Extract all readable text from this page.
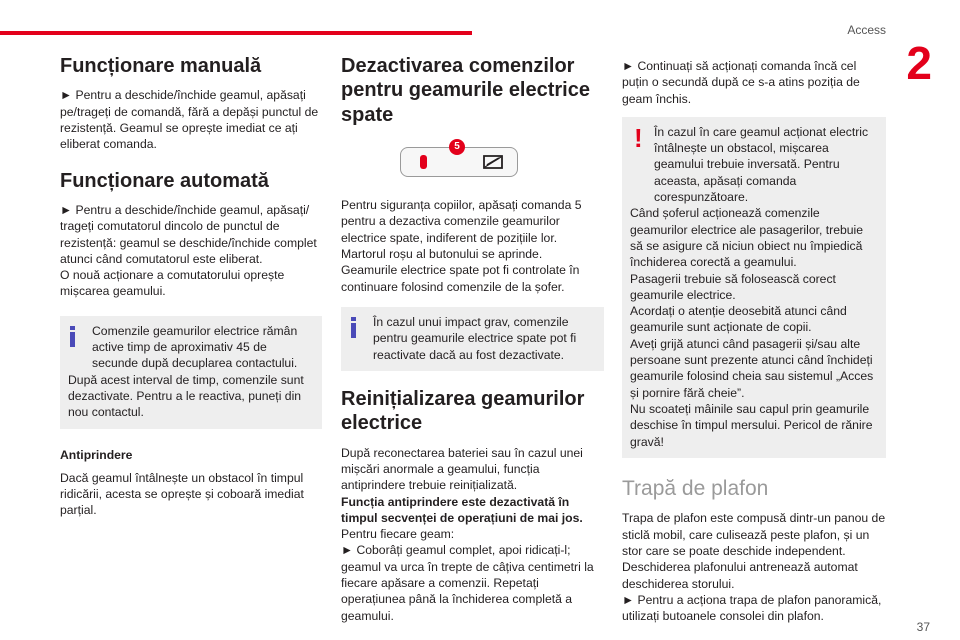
Access
2
Funcționare manuală

► Pentru a deschide/închide geamul, apăsați pe/trageți de comandă, fără a depăși punctul de rezistență. Geamul se oprește imediat ce ați eliberat comanda.

Funcționare automată

► Pentru a deschide/închide geamul, apăsați/ trageți comutatorul dincolo de punctul de rezistență: geamul se deschide/închide complet atunci când comutatorul este eliberat.

O nouă acționare a comutatorului oprește mișcarea geamului.

Comenzile geamurilor electrice rămân active timp de aproximativ 45 de secunde după decuplarea contactului.

După acest interval de timp, comenzile sunt dezactivate. Pentru a le reactiva, puneți din nou contactul.

Antiprindere

Dacă geamul întâlnește un obstacol în timpul ridicării, acesta se oprește și coboară imediat parțial.

Dezactivarea comenzilor pentru geamurile electrice spate
5

Pentru siguranța copiilor, apăsați comanda 5 pentru a dezactiva comenzile geamurilor electrice spate, indiferent de pozițiile lor.

Martorul roșu al butonului se aprinde.

Geamurile electrice spate pot fi controlate în continuare folosind comenzile de la șofer.

În cazul unui impact grav, comenzile pentru geamurile electrice spate pot fi reactivate dacă au fost dezactivate.

Reinițializarea geamurilor electrice

După reconectarea bateriei sau în cazul unei mișcări anormale a geamului, funcția antiprindere trebuie reinițializată.

Funcția antiprindere este dezactivată în timpul secvenței de operațiuni de mai jos.

Pentru fiecare geam:

► Coborâți geamul complet, apoi ridicați-l; geamul va urca în trepte de câțiva centimetri la fiecare apăsare a comenzii. Repetați operațiunea până la închiderea completă a geamului.

► Continuați să acționați comanda încă cel puțin o secundă după ce s-a atins poziția de geam închis.

! În cazul în care geamul acționat electric întâlnește un obstacol, mișcarea geamului trebuie inversată. Pentru aceasta, apăsați comanda corespunzătoare.

Când șoferul acționează comenzile geamurilor electrice ale pasagerilor, trebuie să se asigure că niciun obiect nu împiedică închiderea corectă a geamului.

Pasagerii trebuie să folosească corect geamurile electrice.

Acordați o atenție deosebită atunci când geamurile sunt acționate de copii.

Aveți grijă atunci când pasagerii și/sau alte persoane sunt prezente atunci când închideți geamurile folosind cheia sau sistemul „Acces și pornire fără cheie”.

Nu scoateți mâinile sau capul prin geamurile deschise în timpul mersului. Pericol de rănire gravă!

Trapă de plafon

Trapa de plafon este compusă dintr-un panou de sticlă mobil, care culisează peste plafon, și un stor care se poate deschide independent.

Deschiderea plafonului antrenează automat deschiderea storului.

► Pentru a acționa trapa de plafon panoramică, utilizați butoanele consolei din plafon.

37
